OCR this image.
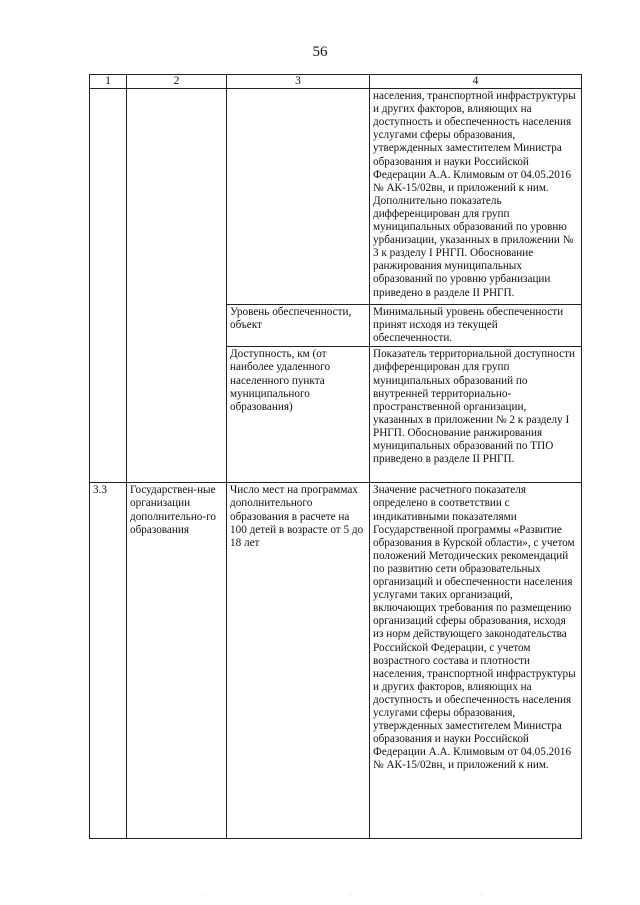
56
1	2	3	4
			населения, транспортной инфраструктуры и других факторов, влияющих на доступность и обеспеченность населения услугами сферы образования, утвержденных заместителем Министра образования и науки Российской Федерации А.А. Климовым от 04.05.2016 № АК-15/02вн, и приложений к ним. Дополнительно показатель дифференцирован для групп муниципальных образований по уровню урбанизации, указанных в приложении № 3 к разделу I РНГП. Обоснование ранжирования муниципальных образований по уровню урбанизации приведено в разделе II РНГП.
		Уровень обеспеченности, объект	Минимальный уровень обеспеченности принят исходя из текущей обеспеченности.
		Доступность, км (от наиболее удаленного населенного пункта муниципального образования)	Показатель территориальной доступности дифференцирован для групп муниципальных образований по внутренней территориально-пространственной организации, указанных в приложении № 2 к разделу I РНГП. Обоснование ранжирования муниципальных образований по ТПО приведено в разделе II РНГП.
3.3	Государствен-ные организации дополнительно-го образования	Число мест на программах дополнительного образования в расчете на 100 детей в возрасте от 5 до 18 лет	Значение расчетного показателя определено в соответствии с индикативными показателями Государственной программы «Развитие образования в Курской области», с учетом положений Методических рекомендаций по развитию сети образовательных организаций и обеспеченности населения услугами таких организаций, включающих требования по размещению организаций сферы образования, исходя из норм действующего законодательства Российской Федерации, с учетом возрастного состава и плотности населения, транспортной инфраструктуры и других факторов, влияющих на доступность и обеспеченность населения услугами сферы образования, утвержденных заместителем Министра образования и науки Российской Федерации А.А. Климовым от 04.05.2016 № АК-15/02вн, и приложений к ним.
·	·	·
